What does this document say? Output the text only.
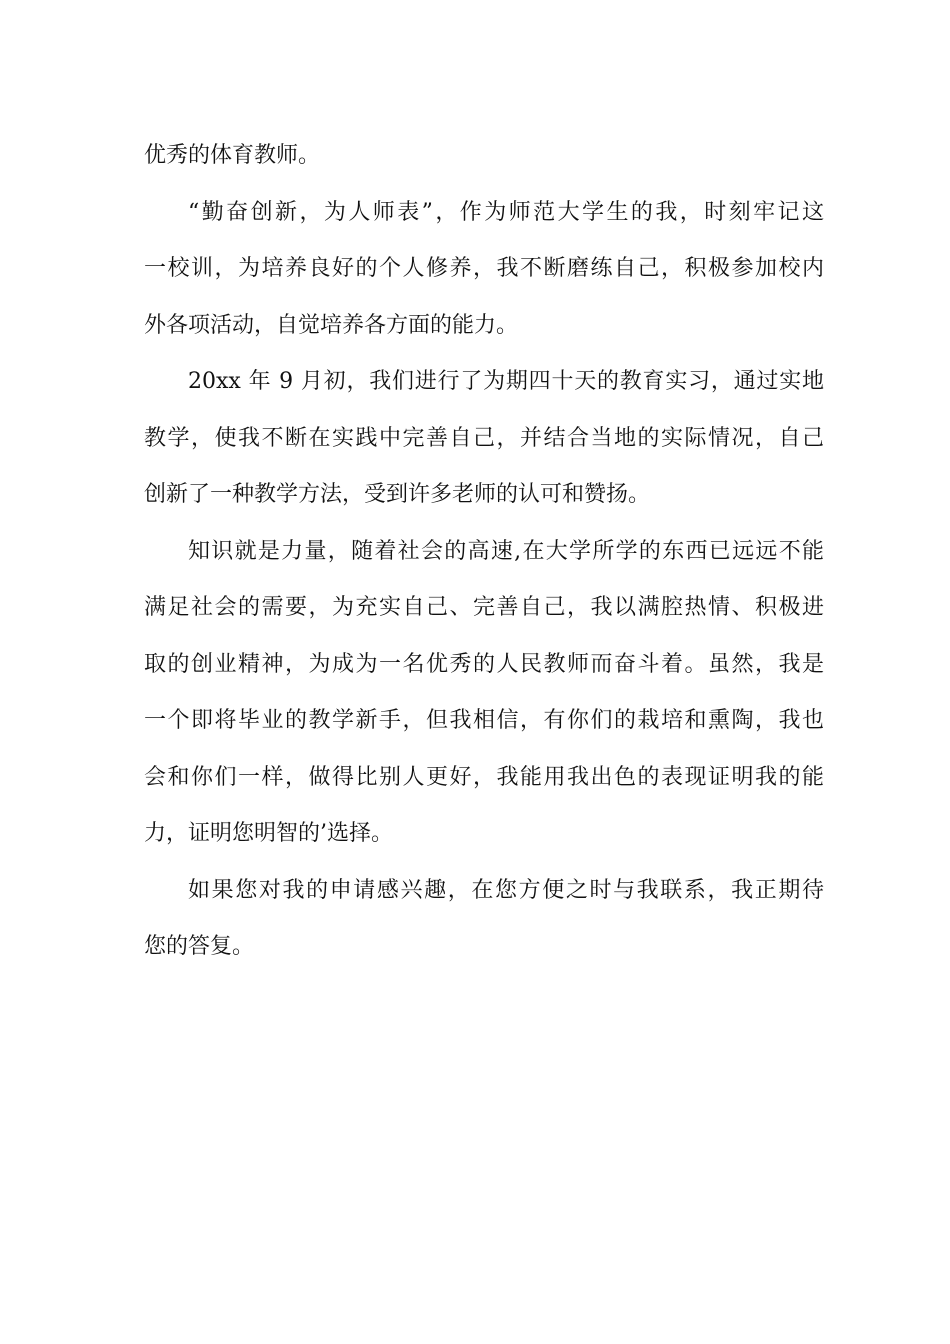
优秀的体育教师。
“勤奋创新，为人师表”，作为师范大学生的我，时刻牢记这
一校训，为培养良好的个人修养，我不断磨练自己，积极参加校内
外各项活动，自觉培养各方面的能力。
20xx 年 9 月初，我们进行了为期四十天的教育实习，通过实地
教学，使我不断在实践中完善自己，并结合当地的实际情况，自己
创新了一种教学方法，受到许多老师的认可和赞扬。
知识就是力量，随着社会的高速,在大学所学的东西已远远不能
满足社会的需要，为充实自己、完善自己，我以满腔热情、积极进
取的创业精神，为成为一名优秀的人民教师而奋斗着。虽然，我是
一个即将毕业的教学新手，但我相信，有你们的栽培和熏陶，我也
会和你们一样，做得比别人更好，我能用我出色的表现证明我的能
力，证明您明智的’选择。
如果您对我的申请感兴趣，在您方便之时与我联系，我正期待
您的答复。
